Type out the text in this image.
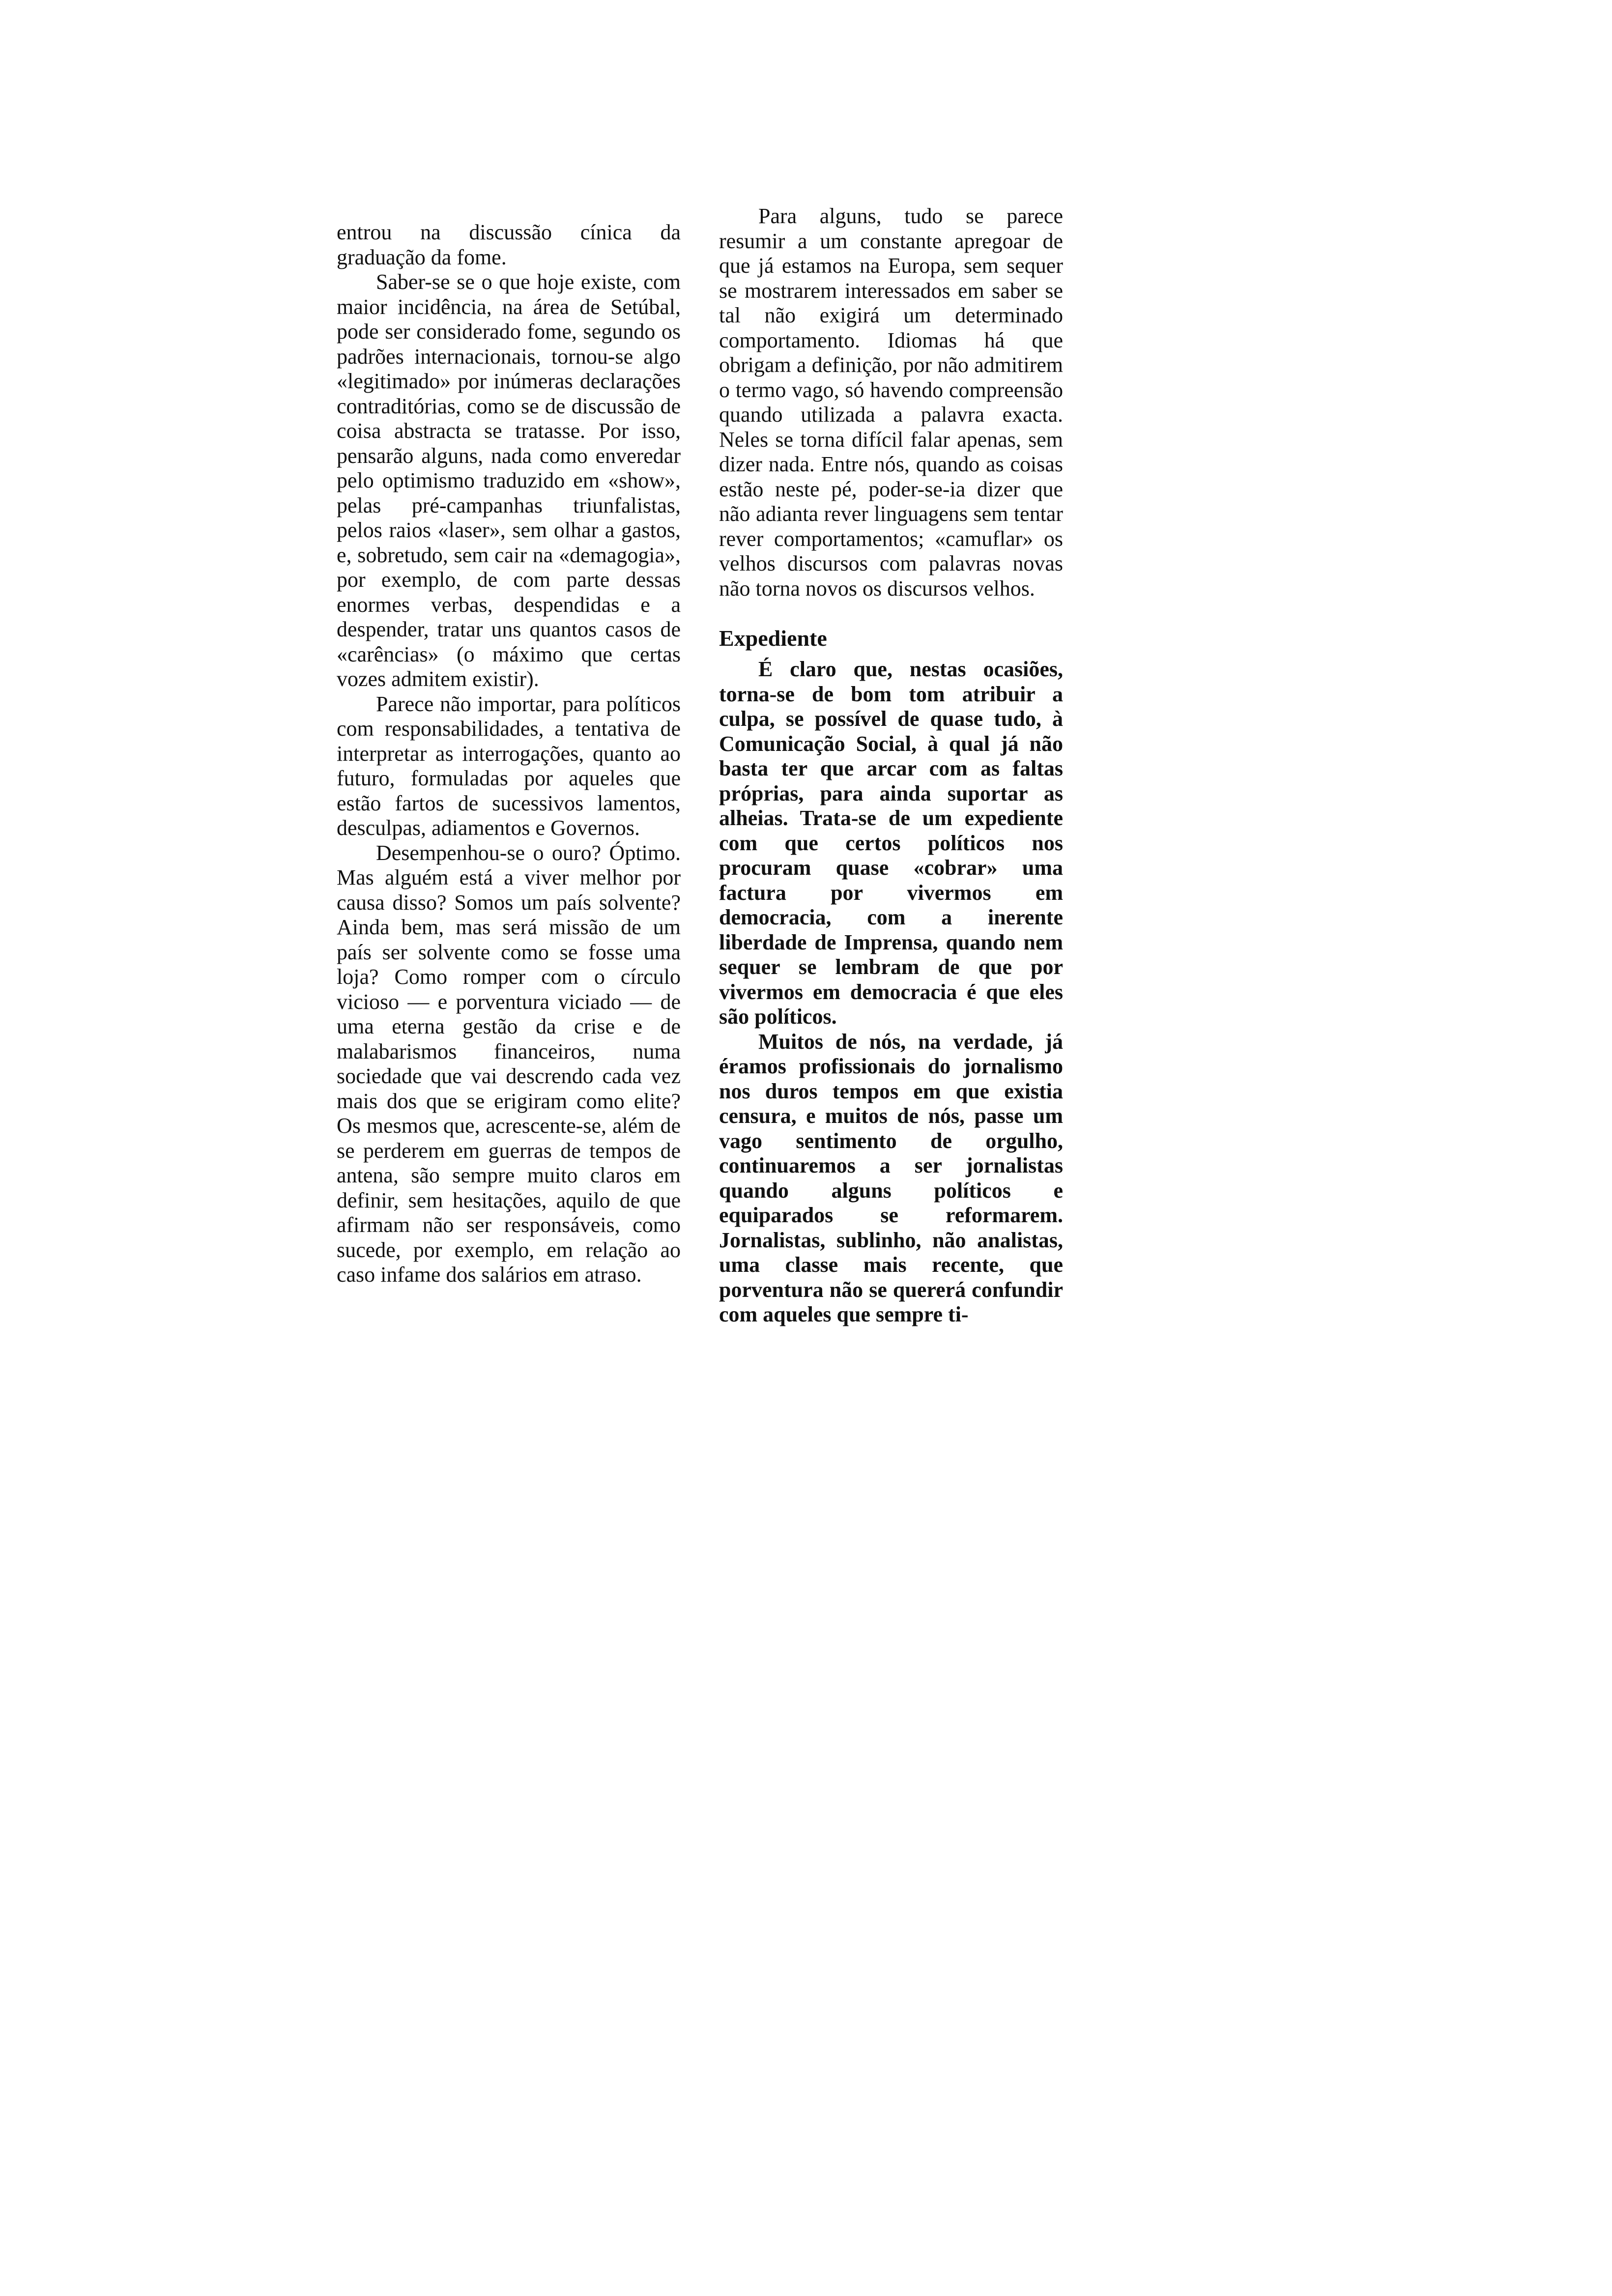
entrou na discussão cínica da graduação da fome.

Saber-se se o que hoje existe, com maior incidência, na área de Setúbal, pode ser considerado fome, segundo os padrões internacionais, tornou-se algo «legitimado» por inúmeras declarações contraditórias, como se de discussão de coisa abstracta se tratasse. Por isso, pensarão alguns, nada como enveredar pelo optimismo traduzido em «show», pelas pré-campanhas triunfalistas, pelos raios «laser», sem olhar a gastos, e, sobretudo, sem cair na «demagogia», por exemplo, de com parte dessas enormes verbas, despendidas e a despender, tratar uns quantos casos de «carências» (o máximo que certas vozes admitem existir).

Parece não importar, para políticos com responsabilidades, a tentativa de interpretar as interrogações, quanto ao futuro, formuladas por aqueles que estão fartos de sucessivos lamentos, desculpas, adiamentos e Governos.

Desempenhou-se o ouro? Óptimo. Mas alguém está a viver melhor por causa disso? Somos um país solvente? Ainda bem, mas será missão de um país ser solvente como se fosse uma loja? Como romper com o círculo vicioso — e porventura viciado — de uma eterna gestão da crise e de malabarismos financeiros, numa sociedade que vai descrendo cada vez mais dos que se erigiram como elite? Os mesmos que, acrescente-se, além de se perderem em guerras de tempos de antena, são sempre muito claros em definir, sem hesitações, aquilo de que afirmam não ser responsáveis, como sucede, por exemplo, em relação ao caso infame dos salários em atraso.

Para alguns, tudo se parece resumir a um constante apregoar de que já estamos na Europa, sem sequer se mostrarem interessados em saber se tal não exigirá um determinado comportamento. Idiomas há que obrigam a definição, por não admitirem o termo vago, só havendo compreensão quando utilizada a palavra exacta. Neles se torna difícil falar apenas, sem dizer nada. Entre nós, quando as coisas estão neste pé, poder-se-ia dizer que não adianta rever linguagens sem tentar rever comportamentos; «camuflar» os velhos discursos com palavras novas não torna novos os discursos velhos.

Expediente

É claro que, nestas ocasiões, torna-se de bom tom atribuir a culpa, se possível de quase tudo, à Comunicação Social, à qual já não basta ter que arcar com as faltas próprias, para ainda suportar as alheias. Trata-se de um expediente com que certos políticos nos procuram quase «cobrar» uma factura por vivermos em democracia, com a inerente liberdade de Imprensa, quando nem sequer se lembram de que por vivermos em democracia é que eles são políticos.

Muitos de nós, na verdade, já éramos profissionais do jornalismo nos duros tempos em que existia censura, e muitos de nós, passe um vago sentimento de orgulho, continuaremos a ser jornalistas quando alguns políticos e equiparados se reformarem. Jornalistas, sublinho, não analistas, uma classe mais recente, que porventura não se quererá confundir com aqueles que sempre ti-
